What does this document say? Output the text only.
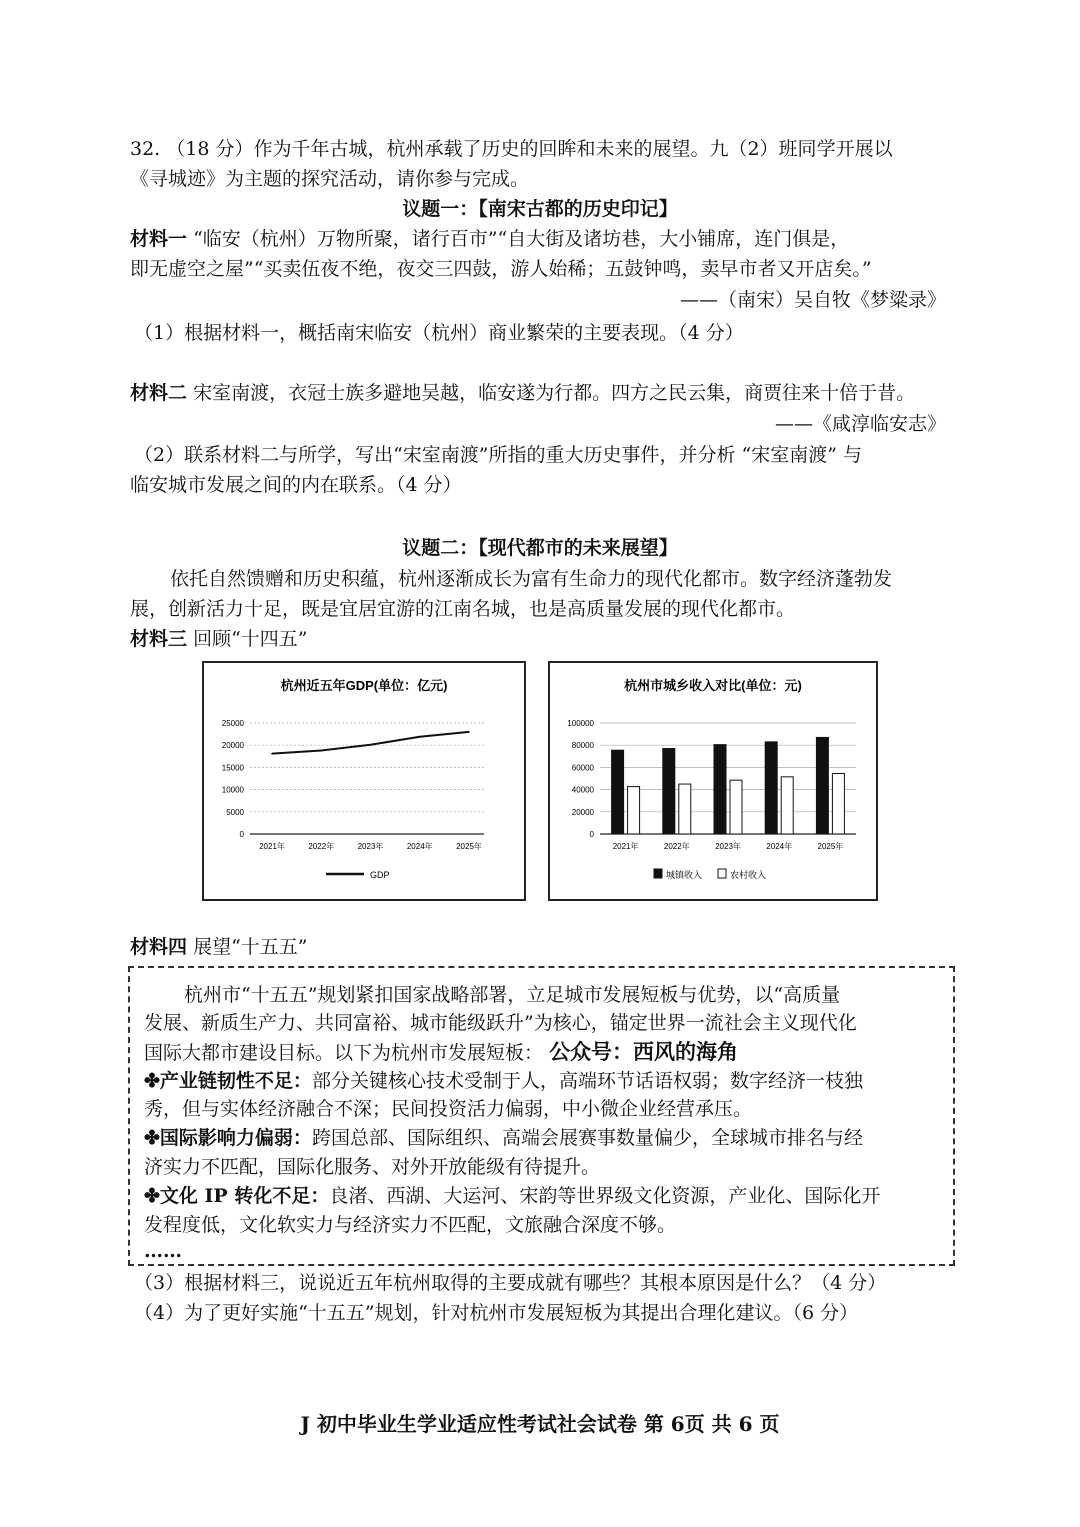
32. （18 分）作为千年古城，杭州承载了历史的回眸和未来的展望。九（2）班同学开展以
《寻城迹》为主题的探究活动，请你参与完成。
议题一：【南宋古都的历史印记】
材料一 “临安（杭州）万物所聚，诸行百市”“自大街及诸坊巷，大小铺席，连门俱是，
即无虚空之屋”“买卖伍夜不绝，夜交三四鼓，游人始稀；五鼓钟鸣，卖早市者又开店矣。”
——（南宋）吴自牧《梦粱录》
（1）根据材料一，概括南宋临安（杭州）商业繁荣的主要表现。（4 分）
材料二 宋室南渡，衣冠士族多避地吴越，临安遂为行都。四方之民云集，商贾往来十倍于昔。
——《咸淳临安志》
（2）联系材料二与所学，写出“宋室南渡”所指的重大历史事件，并分析 “宋室南渡” 与
临安城市发展之间的内在联系。（4 分）
议题二：【现代都市的未来展望】
依托自然馈赠和历史积蕴，杭州逐渐成长为富有生命力的现代化都市。数字经济蓬勃发
展，创新活力十足，既是宜居宜游的江南名城，也是高质量发展的现代化都市。
材料三 回顾“十四五”
杭州近五年GDP(单位：亿元)
0
5000
10000
15000
20000
25000
2021年	2022年	2023年	2024年	2025年
GDP
杭州市城乡收入对比(单位：元)
0
20000
40000
60000
80000
100000
2021年	2022年	2023年	2024年	2025年
城镇收入	农村收入
材料四 展望“十五五”
杭州市“十五五”规划紧扣国家战略部署，立足城市发展短板与优势，以“高质量
发展、新质生产力、共同富裕、城市能级跃升”为核心，锚定世界一流社会主义现代化
国际大都市建设目标。以下为杭州市发展短板： 公众号：西风的海角
✤产业链韧性不足：部分关键核心技术受制于人，高端环节话语权弱；数字经济一枝独
秀，但与实体经济融合不深；民间投资活力偏弱，中小微企业经营承压。
✤国际影响力偏弱：跨国总部、国际组织、高端会展赛事数量偏少，全球城市排名与经
济实力不匹配，国际化服务、对外开放能级有待提升。
✤文化 IP 转化不足：良渚、西湖、大运河、宋韵等世界级文化资源，产业化、国际化开
发程度低，文化软实力与经济实力不匹配，文旅融合深度不够。
……
（3）根据材料三，说说近五年杭州取得的主要成就有哪些？其根本原因是什么？（4 分）
（4）为了更好实施“十五五”规划，针对杭州市发展短板为其提出合理化建议。（6 分）
J 初中毕业生学业适应性考试社会试卷 第 6页 共 6 页
